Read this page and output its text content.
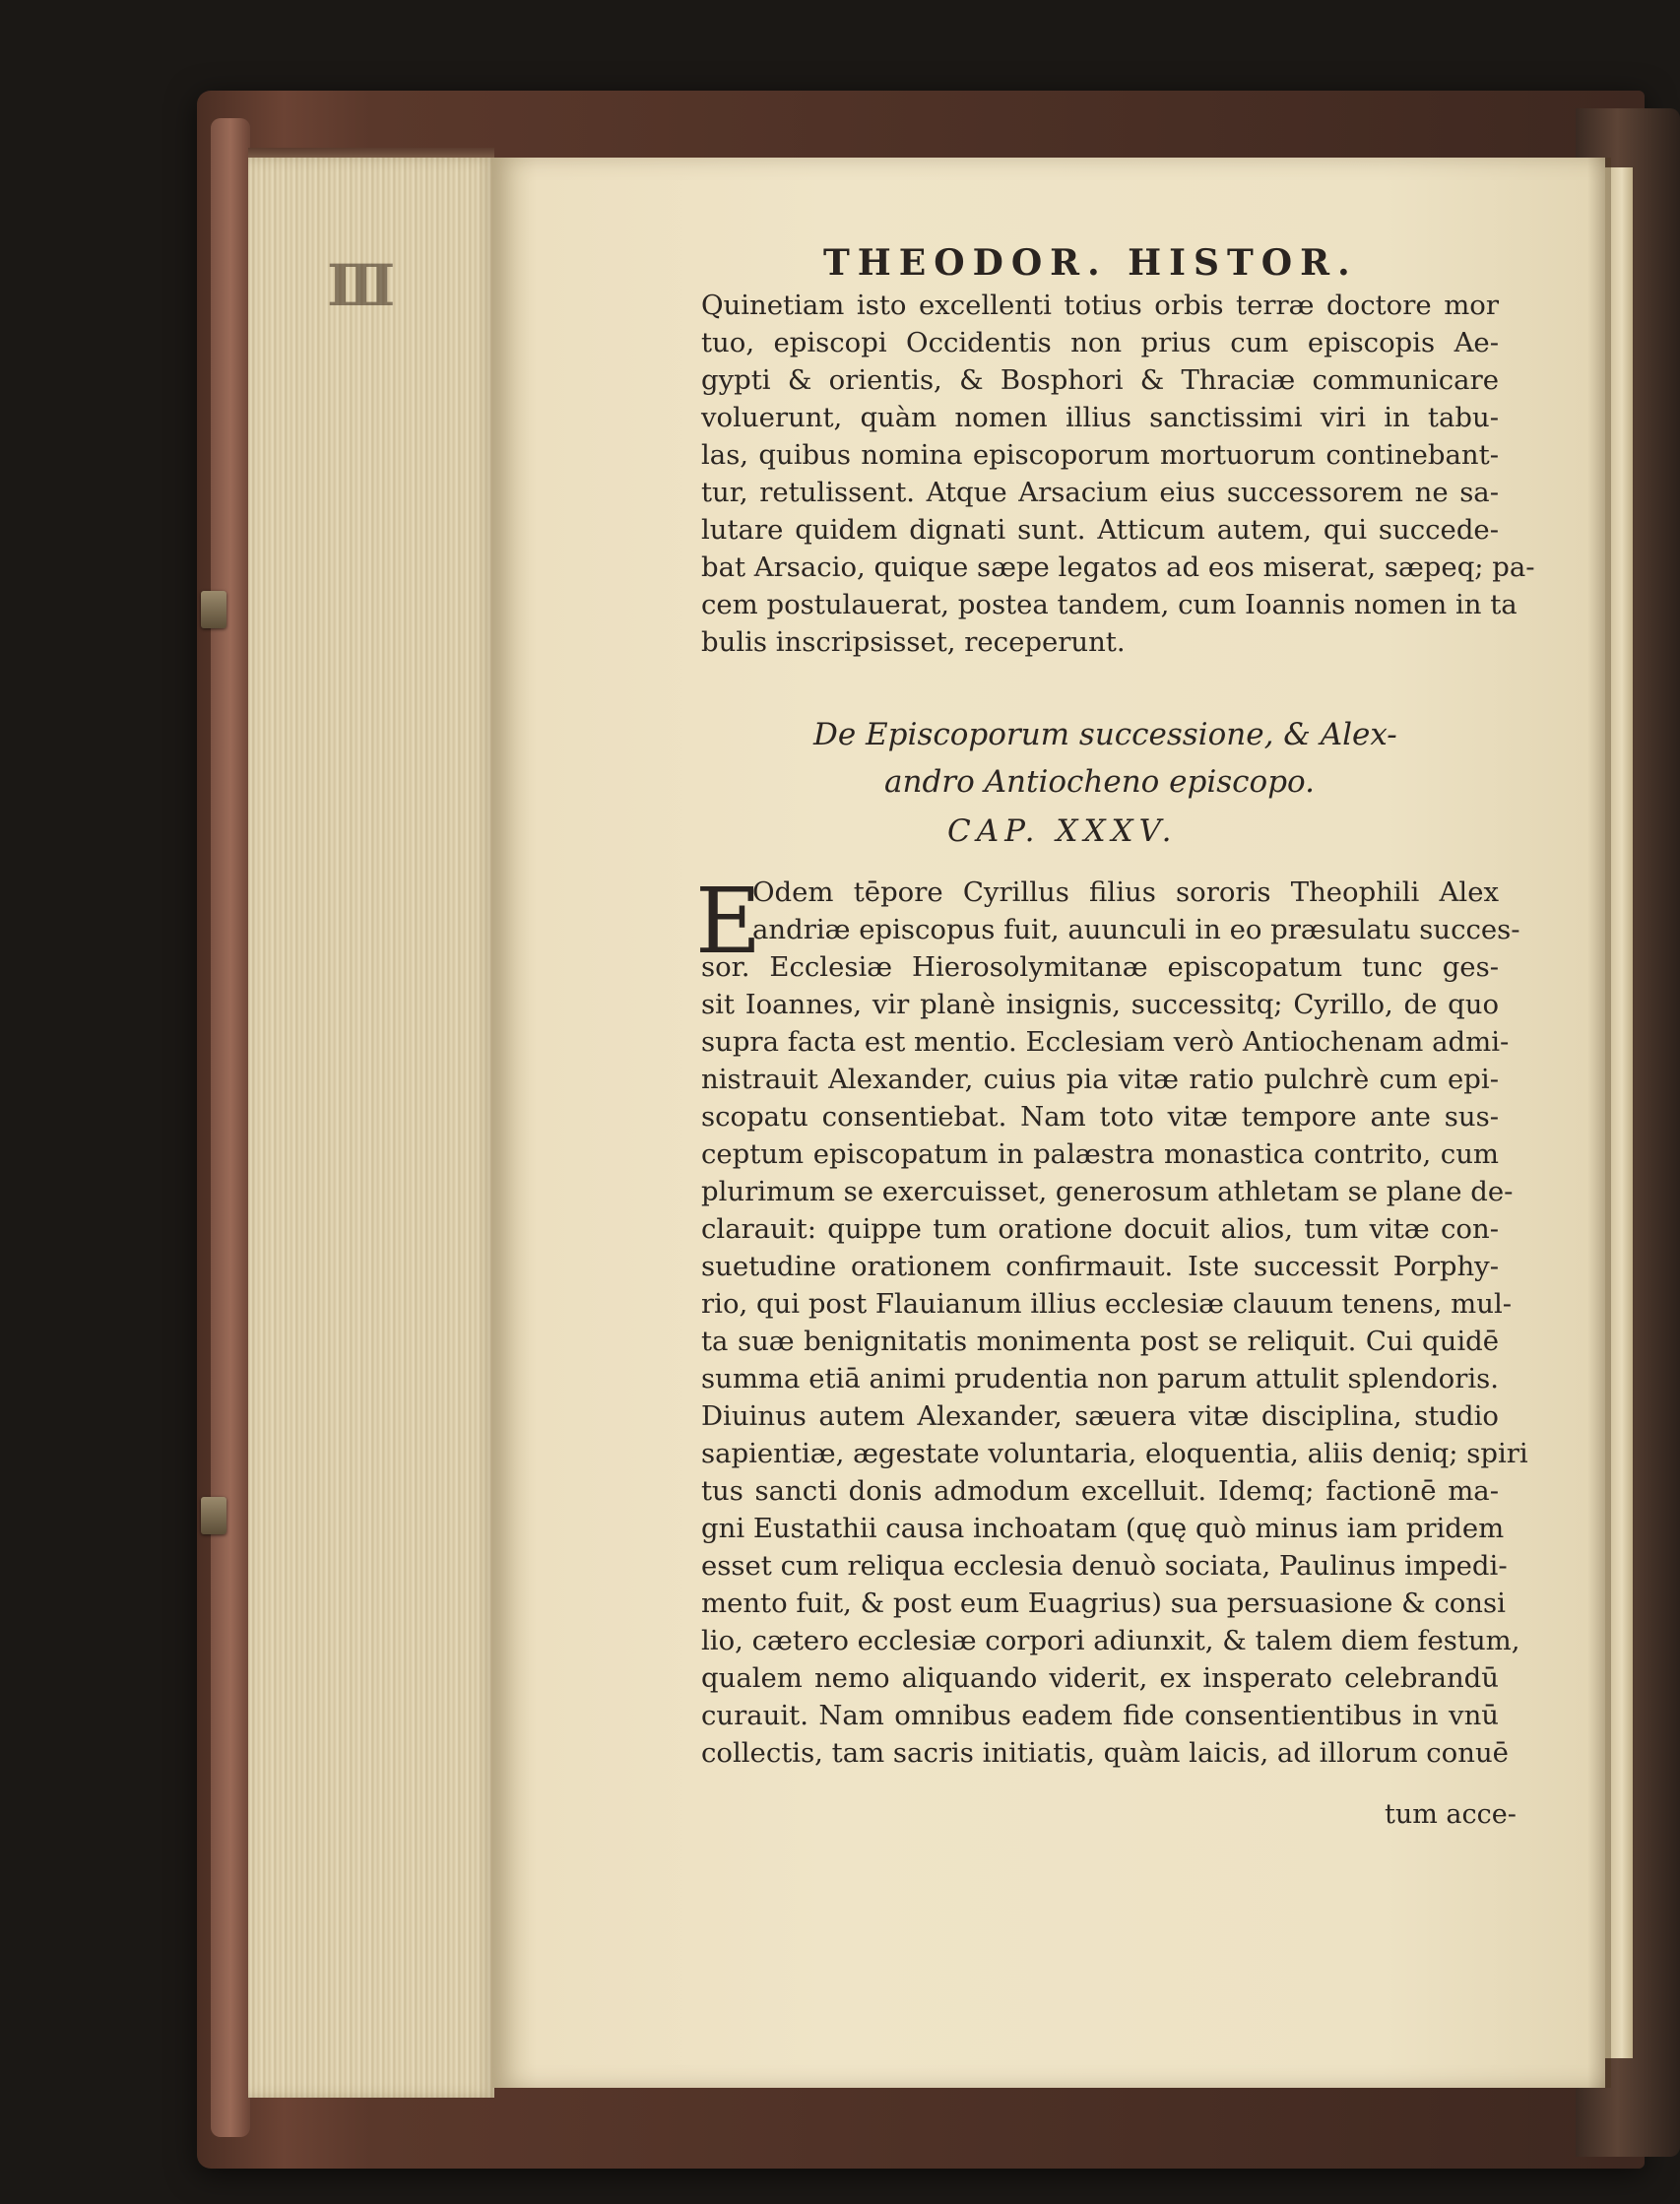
III	THEODOR. HISTOR.
Quinetiam isto excellenti totius orbis terræ doctore mor
tuo, episcopi Occidentis non prius cum episcopis Ae-
gypti & orientis, & Bosphori & Thraciæ communicare
voluerunt, quàm nomen illius sanctissimi viri in tabu-
las, quibus nomina episcoporum mortuorum continebant-
tur, retulissent. Atque Arsacium eius successorem ne sa-
lutare quidem dignati sunt. Atticum autem, qui succede-
bat Arsacio, quique sæpe legatos ad eos miserat, sæpeq; pa-
cem postulauerat, postea tandem, cum Ioannis nomen in ta
bulis inscripsisset, receperunt.
De Episcoporum successione, & Alex-
andro Antiocheno episcopo.
CAP. XXXV.
E
Odem tēpore Cyrillus filius sororis Theophili Alex
andriæ episcopus fuit, auunculi in eo præsulatu succes-
sor. Ecclesiæ Hierosolymitanæ episcopatum tunc ges-
sit Ioannes, vir planè insignis, successitq; Cyrillo, de quo
supra facta est mentio. Ecclesiam verò Antiochenam admi-
nistrauit Alexander, cuius pia vitæ ratio pulchrè cum epi-
scopatu consentiebat. Nam toto vitæ tempore ante sus-
ceptum episcopatum in palæstra monastica contrito, cum
plurimum se exercuisset, generosum athletam se plane de-
clarauit: quippe tum oratione docuit alios, tum vitæ con-
suetudine orationem confirmauit. Iste successit Porphy-
rio, qui post Flauianum illius ecclesiæ clauum tenens, mul-
ta suæ benignitatis monimenta post se reliquit. Cui quidē
summa etiā animi prudentia non parum attulit splendoris.
Diuinus autem Alexander, sæuera vitæ disciplina, studio
sapientiæ, ægestate voluntaria, eloquentia, aliis deniq; spiri
tus sancti donis admodum excelluit. Idemq; factionē ma-
gni Eustathii causa inchoatam (quę quò minus iam pridem
esset cum reliqua ecclesia denuò sociata, Paulinus impedi-
mento fuit, & post eum Euagrius) sua persuasione & consi
lio, cætero ecclesiæ corpori adiunxit, & talem diem festum,
qualem nemo aliquando viderit, ex insperato celebrandū
curauit. Nam omnibus eadem fide consentientibus in vnū
collectis, tam sacris initiatis, quàm laicis, ad illorum conuē
tum acce-
